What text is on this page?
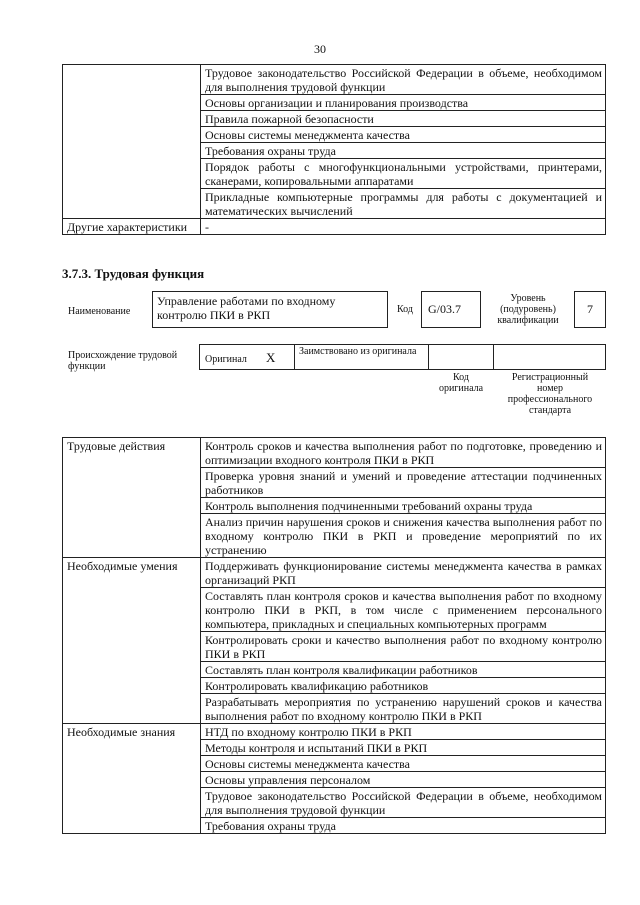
30
	Трудовое законодательство Российской Федерации в объеме, необходимом для выполнения трудовой функции
	Основы организации и планирования производства
	Правила пожарной безопасности
	Основы системы менеджмента качества
	Требования охраны труда
	Порядок работы с многофункциональными устройствами, принтерами, сканерами, копировальными аппаратами
	Прикладные компьютерные программы для работы с документацией и математических вычислений
Другие характеристики	-
3.7.3. Трудовая функция
Наименование
Управление работами по входному контролю ПКИ в РКП	Код	G/03.7
Уровень (подуровень) квалификации
7
Происхождение трудовой функции
Оригинал X Заимствовано из оригинала
Код оригинала
Регистрационный номер профессионального стандарта
Трудовые действия	Контроль сроков и качества выполнения работ по подготовке, проведению и оптимизации входного контроля ПКИ в РКП
	Проверка уровня знаний и умений и проведение аттестации подчиненных работников
	Контроль выполнения подчиненными требований охраны труда
	Анализ причин нарушения сроков и снижения качества выполнения работ по входному контролю ПКИ в РКП и проведение мероприятий по их устранению
Необходимые умения	Поддерживать функционирование системы менеджмента качества в рамках организаций РКП
	Составлять план контроля сроков и качества выполнения работ по входному контролю ПКИ в РКП, в том числе с применением персонального компьютера, прикладных и специальных компьютерных программ
	Контролировать сроки и качество выполнения работ по входному контролю ПКИ в РКП
	Составлять план контроля квалификации работников
	Контролировать квалификацию работников
	Разрабатывать мероприятия по устранению нарушений сроков и качества выполнения работ по входному контролю ПКИ в РКП
Необходимые знания	НТД по входному контролю ПКИ в РКП
	Методы контроля и испытаний ПКИ в РКП
	Основы системы менеджмента качества
	Основы управления персоналом
	Трудовое законодательство Российской Федерации в объеме, необходимом для выполнения трудовой функции
	Требования охраны труда
